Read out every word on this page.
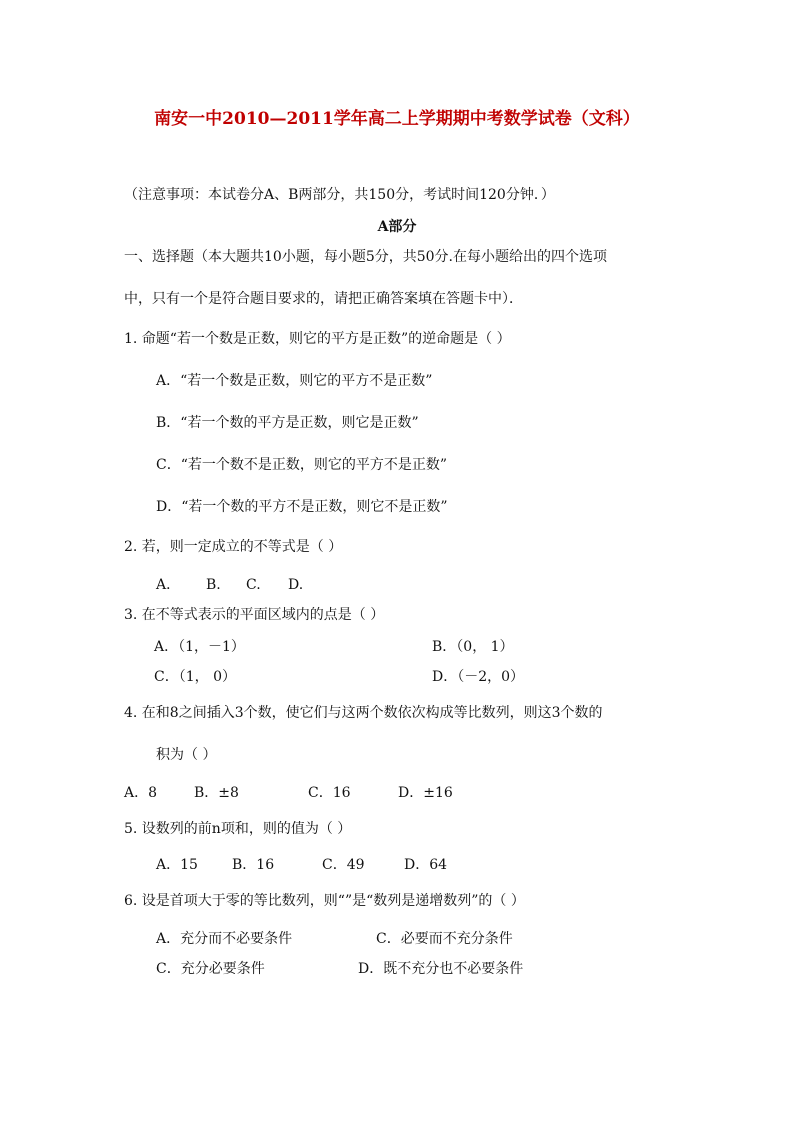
南安一中2010—2011学年高二上学期期中考数学试卷（文科）
（注意事项：本试卷分A、B两部分，共150分，考试时间120分钟．）
A部分
一、选择题（本大题共10小题，每小题5分，共50分.在每小题给出的四个选项
中，只有一个是符合题目要求的，请把正确答案填在答题卡中）．
1. 命题“若一个数是正数，则它的平方是正数”的逆命题是（ ）
A．“若一个数是正数，则它的平方不是正数”
B．“若一个数的平方是正数，则它是正数”
C．“若一个数不是正数，则它的平方不是正数”
D．“若一个数的平方不是正数，则它不是正数”
2. 若，则一定成立的不等式是（ ）
A． B. C. D.
3. 在不等式表示的平面区域内的点是（ ）
A．（1，－1）	B．（0， 1）
C．（1， 0）	D．（－2，0）
4. 在和8之间插入3个数，使它们与这两个数依次构成等比数列，则这3个数的
积为（ ）
A．8	B．±8	C．16	D．±16
5. 设数列的前n项和，则的值为（ ）
A．15 B．16	C．49	D．64
6. 设是首项大于零的等比数列，则“”是“数列是递增数列”的（ ）
A．充分而不必要条件	C．必要而不充分条件
C．充分必要条件	D．既不充分也不必要条件
